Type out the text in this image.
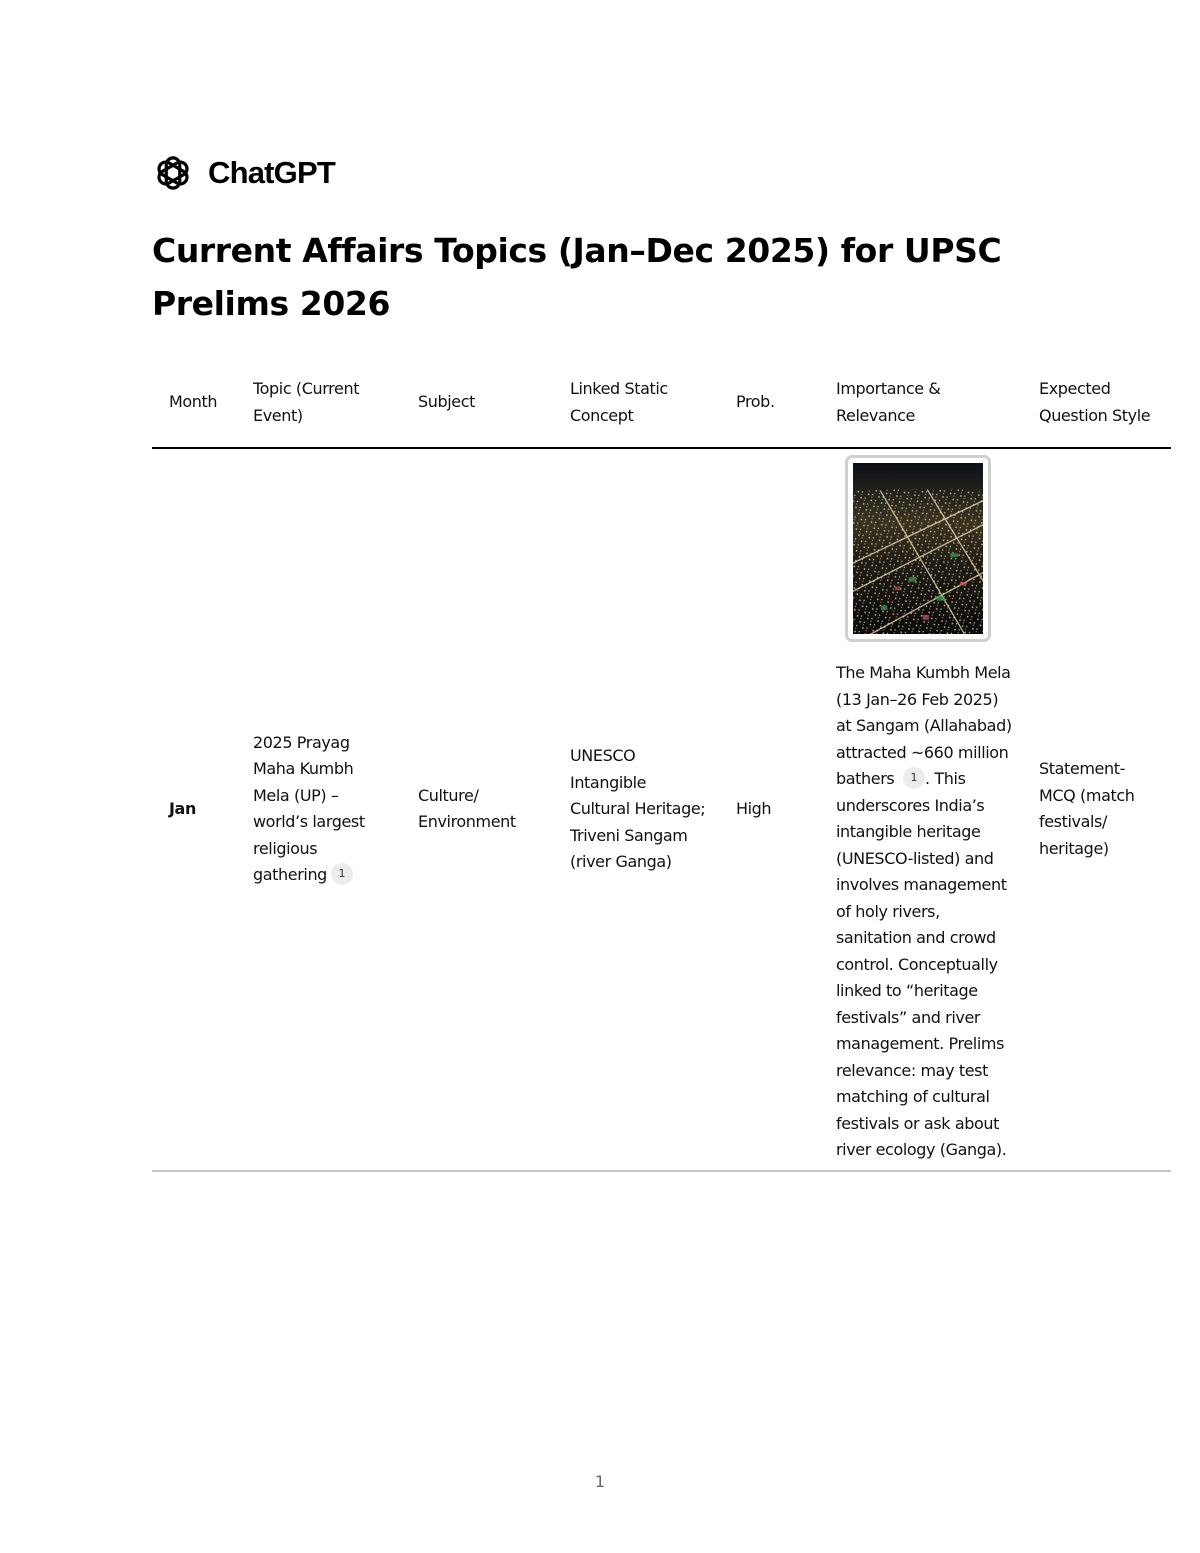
ChatGPT
Current Affairs Topics (Jan–Dec 2025) for UPSC Prelims 2026
Month	Topic (Current Event)	Subject	Linked Static Concept	Prob.	Importance & Relevance	Expected Question Style
Jan	2025 Prayag Maha Kumbh Mela (UP) – world’s largest religious gathering 1	Culture/ Environment	UNESCO Intangible Cultural Heritage; Triveni Sangam (river Ganga)	High	The Maha Kumbh Mela (13 Jan–26 Feb 2025) at Sangam (Allahabad) attracted ~660 million bathers 1 . This underscores India’s intangible heritage (UNESCO-listed) and involves management of holy rivers, sanitation and crowd control. Conceptually linked to “heritage festivals” and river management. Prelims relevance: may test matching of cultural festivals or ask about river ecology (Ganga).	Statement-MCQ (match festivals/ heritage)
1
